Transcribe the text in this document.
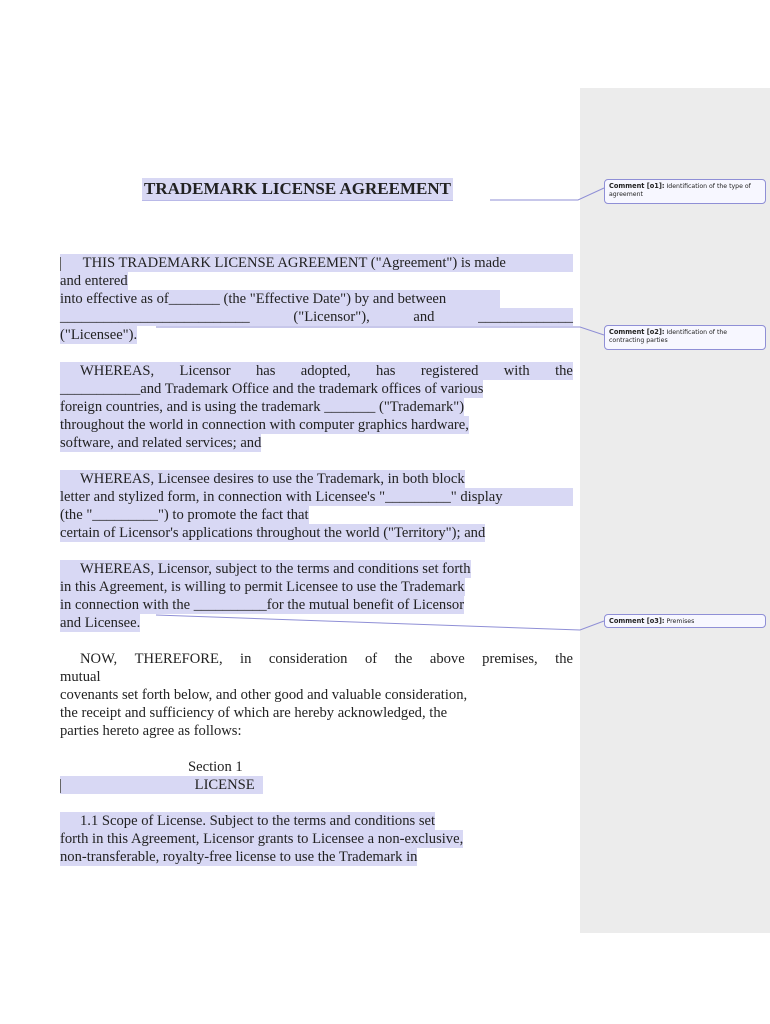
TRADEMARK LICENSE AGREEMENT
THIS TRADEMARK LICENSE AGREEMENT ("Agreement") is made
and entered
into effective as of_______ (the "Effective Date") by and between
__________________________	("Licensor"),	and	_____________
("Licensee").
WHEREAS, Licensor has adopted, has registered with the
___________and Trademark Office and the trademark offices of various
foreign countries, and is using the trademark _______ ("Trademark")
throughout the world in connection with computer graphics hardware,
software, and related services; and
WHEREAS, Licensee desires to use the Trademark, in both block
letter and stylized form, in connection with Licensee's "_________" display
(the "_________") to promote the fact that
certain of Licensor's applications throughout the world ("Territory"); and
WHEREAS, Licensor, subject to the terms and conditions set forth
in this Agreement, is willing to permit Licensee to use the Trademark
in connection with the __________for the mutual benefit of Licensor
and Licensee.
NOW, THEREFORE, in consideration of the above premises, the
mutual
covenants set forth below, and other good and valuable consideration,
the receipt and sufficiency of which are hereby acknowledged, the
parties hereto agree as follows:
Section 1
LICENSE
1.1 Scope of License. Subject to the terms and conditions set
forth in this Agreement, Licensor grants to Licensee a non-exclusive,
non-transferable, royalty-free license to use the Trademark in
Comment [o1]: Identification of the type of agreement
Comment [o2]: Identification of the contracting parties
Comment [o3]: Premises
